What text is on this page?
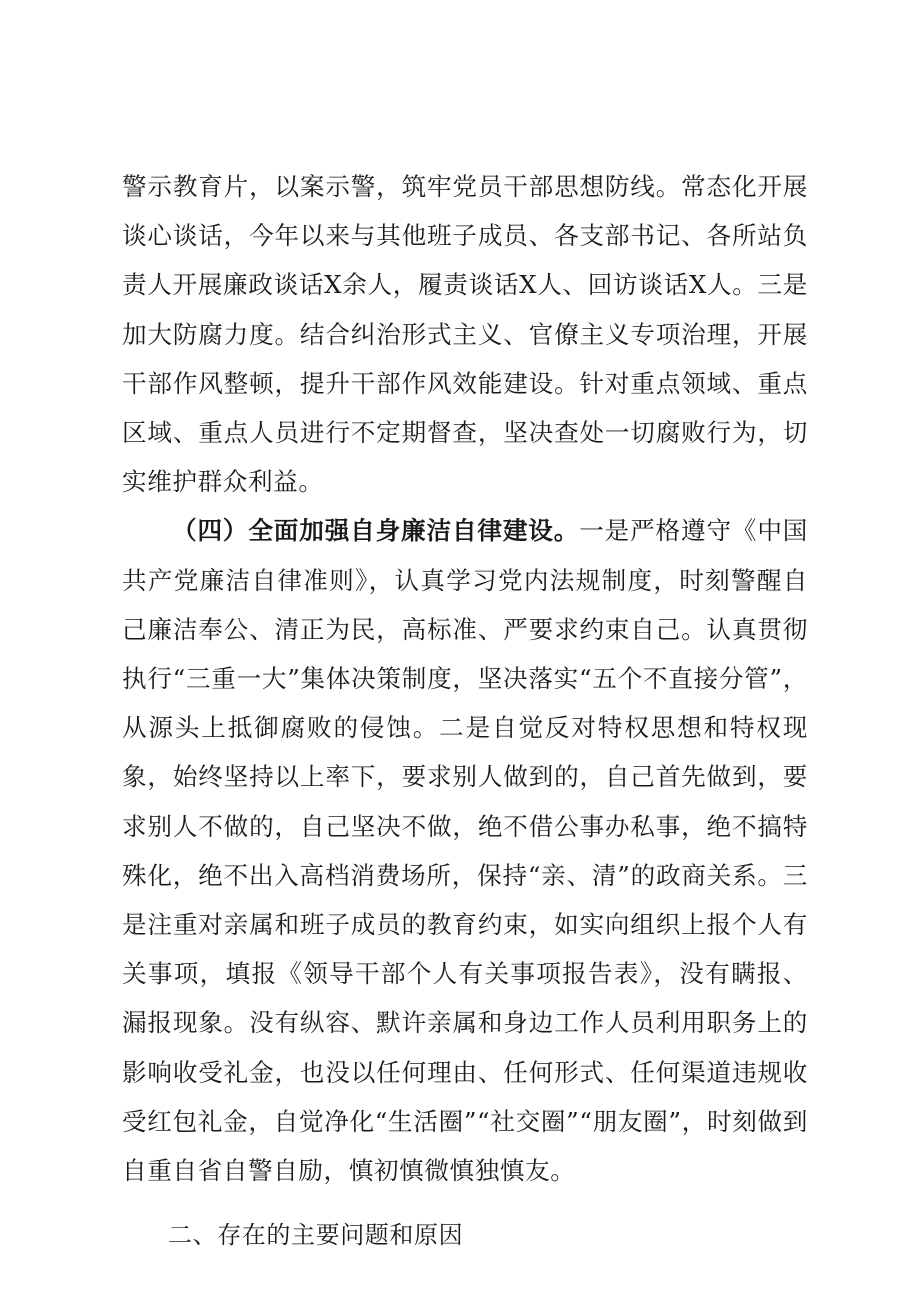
警示教育片，以案示警，筑牢党员干部思想防线。常态化开展谈心谈话，今年以来与其他班子成员、各支部书记、各所站负责人开展廉政谈话X余人，履责谈话X人、回访谈话X人。三是加大防腐力度。结合纠治形式主义、官僚主义专项治理，开展干部作风整顿，提升干部作风效能建设。针对重点领域、重点区域、重点人员进行不定期督查，坚决查处一切腐败行为，切实维护群众利益。

（四）全面加强自身廉洁自律建设。一是严格遵守《中国共产党廉洁自律准则》，认真学习党内法规制度，时刻警醒自己廉洁奉公、清正为民，高标准、严要求约束自己。认真贯彻执行“三重一大”集体决策制度，坚决落实“五个不直接分管”，从源头上抵御腐败的侵蚀。二是自觉反对特权思想和特权现象，始终坚持以上率下，要求别人做到的，自己首先做到，要求别人不做的，自己坚决不做，绝不借公事办私事，绝不搞特殊化，绝不出入高档消费场所，保持“亲、清”的政商关系。三是注重对亲属和班子成员的教育约束，如实向组织上报个人有关事项，填报《领导干部个人有关事项报告表》，没有瞒报、漏报现象。没有纵容、默许亲属和身边工作人员利用职务上的影响收受礼金，也没以任何理由、任何形式、任何渠道违规收受红包礼金，自觉净化“生活圈”“社交圈”“朋友圈”，时刻做到自重自省自警自励，慎初慎微慎独慎友。

二、存在的主要问题和原因
